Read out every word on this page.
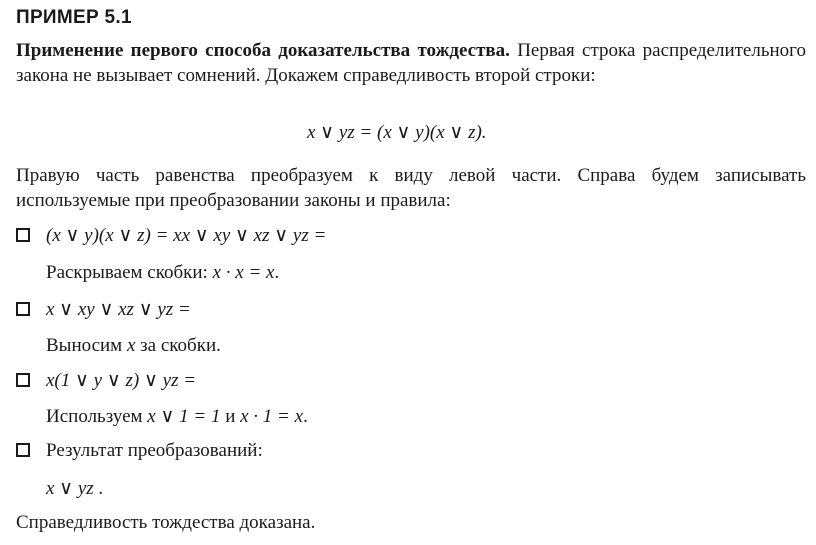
ПРИМЕР 5.1
Применение первого способа доказательства тождества. Первая строка распределительного закона не вызывает сомнений. Докажем справедливость второй строки:
x ∨ yz = (x ∨ y)(x ∨ z).
Правую часть равенства преобразуем к виду левой части. Справа будем записывать используемые при преобразовании законы и правила:
(x ∨ y)(x ∨ z) = xx ∨ xy ∨ xz ∨ yz =
Раскрываем скобки: x · x = x.
x ∨ xy ∨ xz ∨ yz =
Выносим x за скобки.
x(1 ∨ y ∨ z) ∨ yz =
Используем x ∨ 1 = 1 и x · 1 = x.
Результат преобразований:
x ∨ yz .
Справедливость тождества доказана.
